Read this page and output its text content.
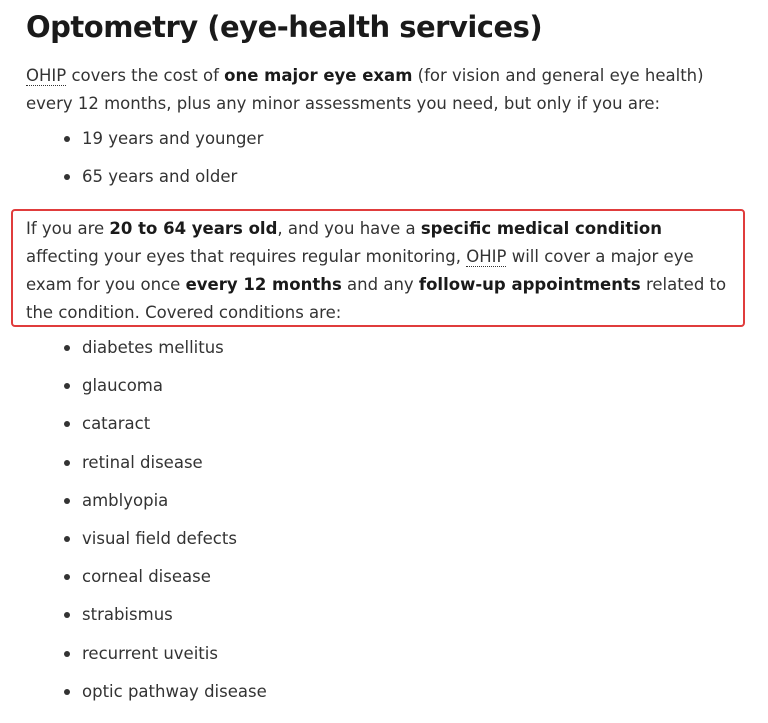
Optometry (eye-health services)

OHIP covers the cost of one major eye exam (for vision and general eye health) every 12 months, plus any minor assessments you need, but only if you are:

19 years and younger
65 years and older

If you are 20 to 64 years old, and you have a specific medical condition affecting your eyes that requires regular monitoring, OHIP will cover a major eye exam for you once every 12 months and any follow-up appointments related to the condition. Covered conditions are:

diabetes mellitus
glaucoma
cataract
retinal disease
amblyopia
visual field defects
corneal disease
strabismus
recurrent uveitis
optic pathway disease
